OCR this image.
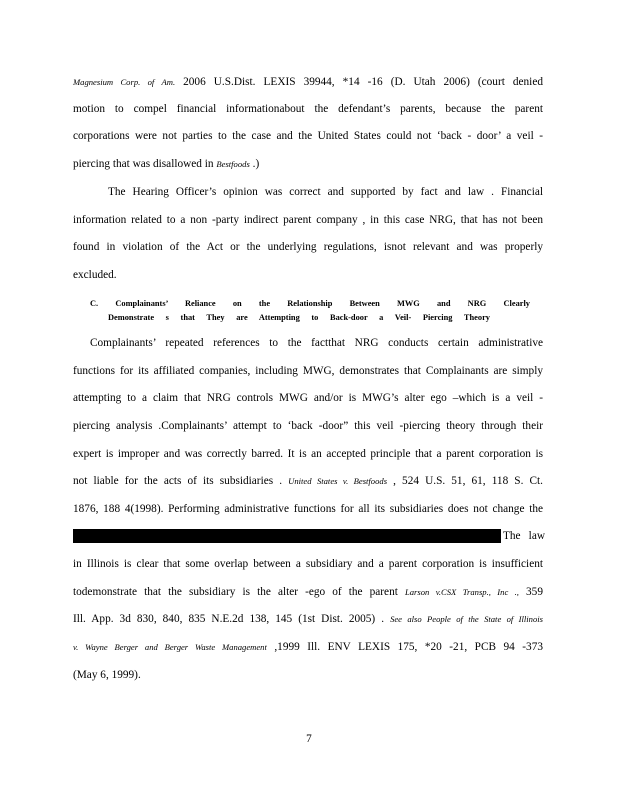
Magnesium Corp. of Am. 2006 U.S.Dist. LEXIS 39944, *14 -16 (D. Utah 2006) (court denied
motion to compel financial informationabout the defendant’s parents, because the parent
corporations were not parties to the case and the United States could not ‘back - door’ a veil -
piercing that was disallowed in Bestfoods .)
The Hearing Officer’s opinion was correct and supported by fact and law . Financial
information related to a non -party indirect parent company , in this case NRG, that has not been
found in violation of the Act or the underlying regulations, isnot relevant and was properly
excluded.
C. Complainants’ Reliance on the Relationship Between MWG and NRG Clearly
Demonstrate s that They are Attempting to Back-door a Veil- Piercing Theory
Complainants’ repeated references to the factthat NRG conducts certain administrative
functions for its affiliated companies, including MWG, demonstrates that Complainants are simply
attempting to a claim that NRG controls MWG and/or is MWG’s alter ego –which is a veil -
piercing analysis .Complainants’ attempt to ‘back -door” this veil -piercing theory through their
expert is improper and was correctly barred. It is an accepted principle that a parent corporation is
not liable for the acts of its subsidiaries . United States v. Bestfoods , 524 U.S. 51, 61, 118 S. Ct.
1876, 188 4(1998). Performing administrative functions for all its subsidiaries does not change the
The law
in Illinois is clear that some overlap between a subsidiary and a parent corporation is insufficient
todemonstrate that the subsidiary is the alter -ego of the parent Larson v.CSX Transp., Inc ., 359
Ill. App. 3d 830, 840, 835 N.E.2d 138, 145 (1st Dist. 2005) . See also People of the State of Illinois
v. Wayne Berger and Berger Waste Management ,1999 Ill. ENV LEXIS 175, *20 -21, PCB 94 -373
(May 6, 1999).
7
